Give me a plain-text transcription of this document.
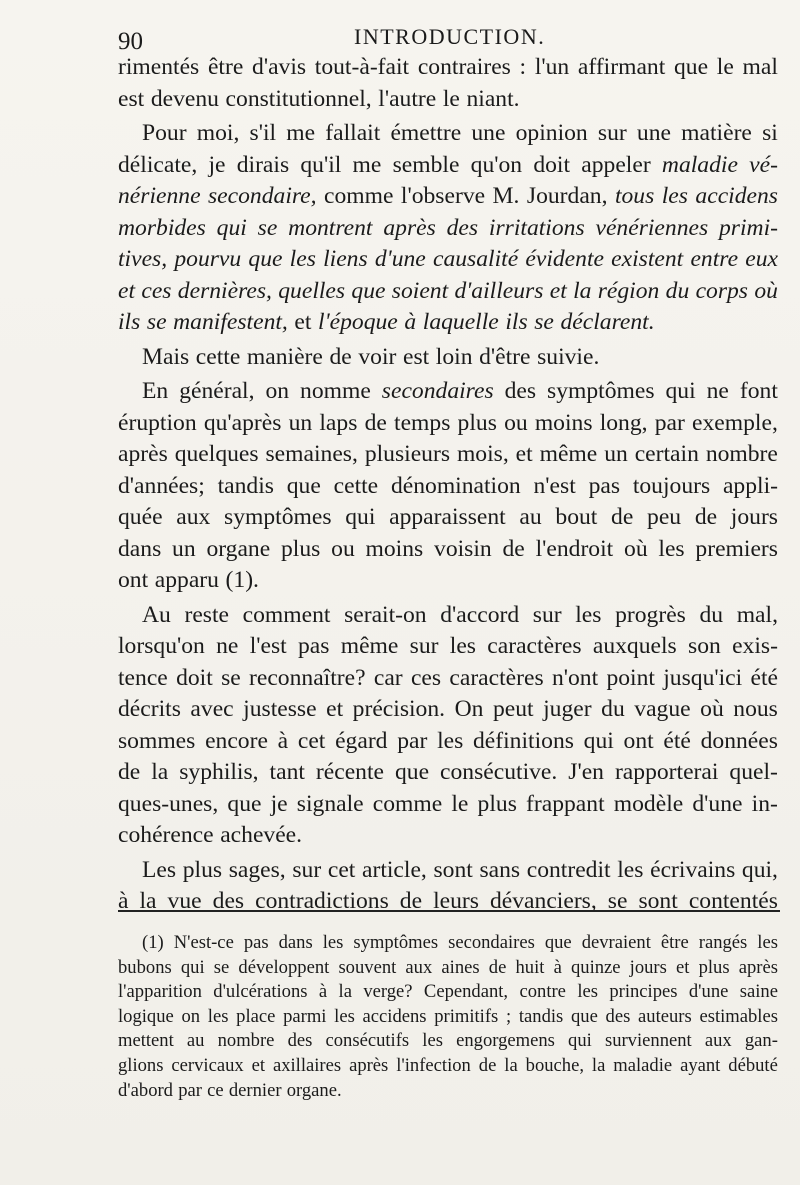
90	INTRODUCTION.
rimentés être d'avis tout-à-fait contraires : l'un affirmant que le mal
est devenu constitutionnel, l'autre le niant.
Pour moi, s'il me fallait émettre une opinion sur une matière si
délicate, je dirais qu'il me semble qu'on doit appeler maladie vé-
nérienne secondaire, comme l'observe M. Jourdan, tous les accidens
morbides qui se montrent après des irritations vénériennes primi-
tives, pourvu que les liens d'une causalité évidente existent entre eux
et ces dernières, quelles que soient d'ailleurs et la région du corps où
ils se manifestent, et l'époque à laquelle ils se déclarent.
Mais cette manière de voir est loin d'être suivie.
En général, on nomme secondaires des symptômes qui ne font
éruption qu'après un laps de temps plus ou moins long, par exemple,
après quelques semaines, plusieurs mois, et même un certain nombre
d'années; tandis que cette dénomination n'est pas toujours appli-
quée aux symptômes qui apparaissent au bout de peu de jours
dans un organe plus ou moins voisin de l'endroit où les premiers
ont apparu (1).
Au reste comment serait-on d'accord sur les progrès du mal,
lorsqu'on ne l'est pas même sur les caractères auxquels son exis-
tence doit se reconnaître? car ces caractères n'ont point jusqu'ici été
décrits avec justesse et précision. On peut juger du vague où nous
sommes encore à cet égard par les définitions qui ont été données
de la syphilis, tant récente que consécutive. J'en rapporterai quel-
ques-unes, que je signale comme le plus frappant modèle d'une in-
cohérence achevée.
Les plus sages, sur cet article, sont sans contredit les écrivains qui,
à la vue des contradictions de leurs dévanciers, se sont contentés
(1) N'est-ce pas dans les symptômes secondaires que devraient être rangés les
bubons qui se développent souvent aux aines de huit à quinze jours et plus après
l'apparition d'ulcérations à la verge? Cependant, contre les principes d'une saine
logique on les place parmi les accidens primitifs ; tandis que des auteurs estimables
mettent au nombre des consécutifs les engorgemens qui surviennent aux gan-
glions cervicaux et axillaires après l'infection de la bouche, la maladie ayant débuté
d'abord par ce dernier organe.
